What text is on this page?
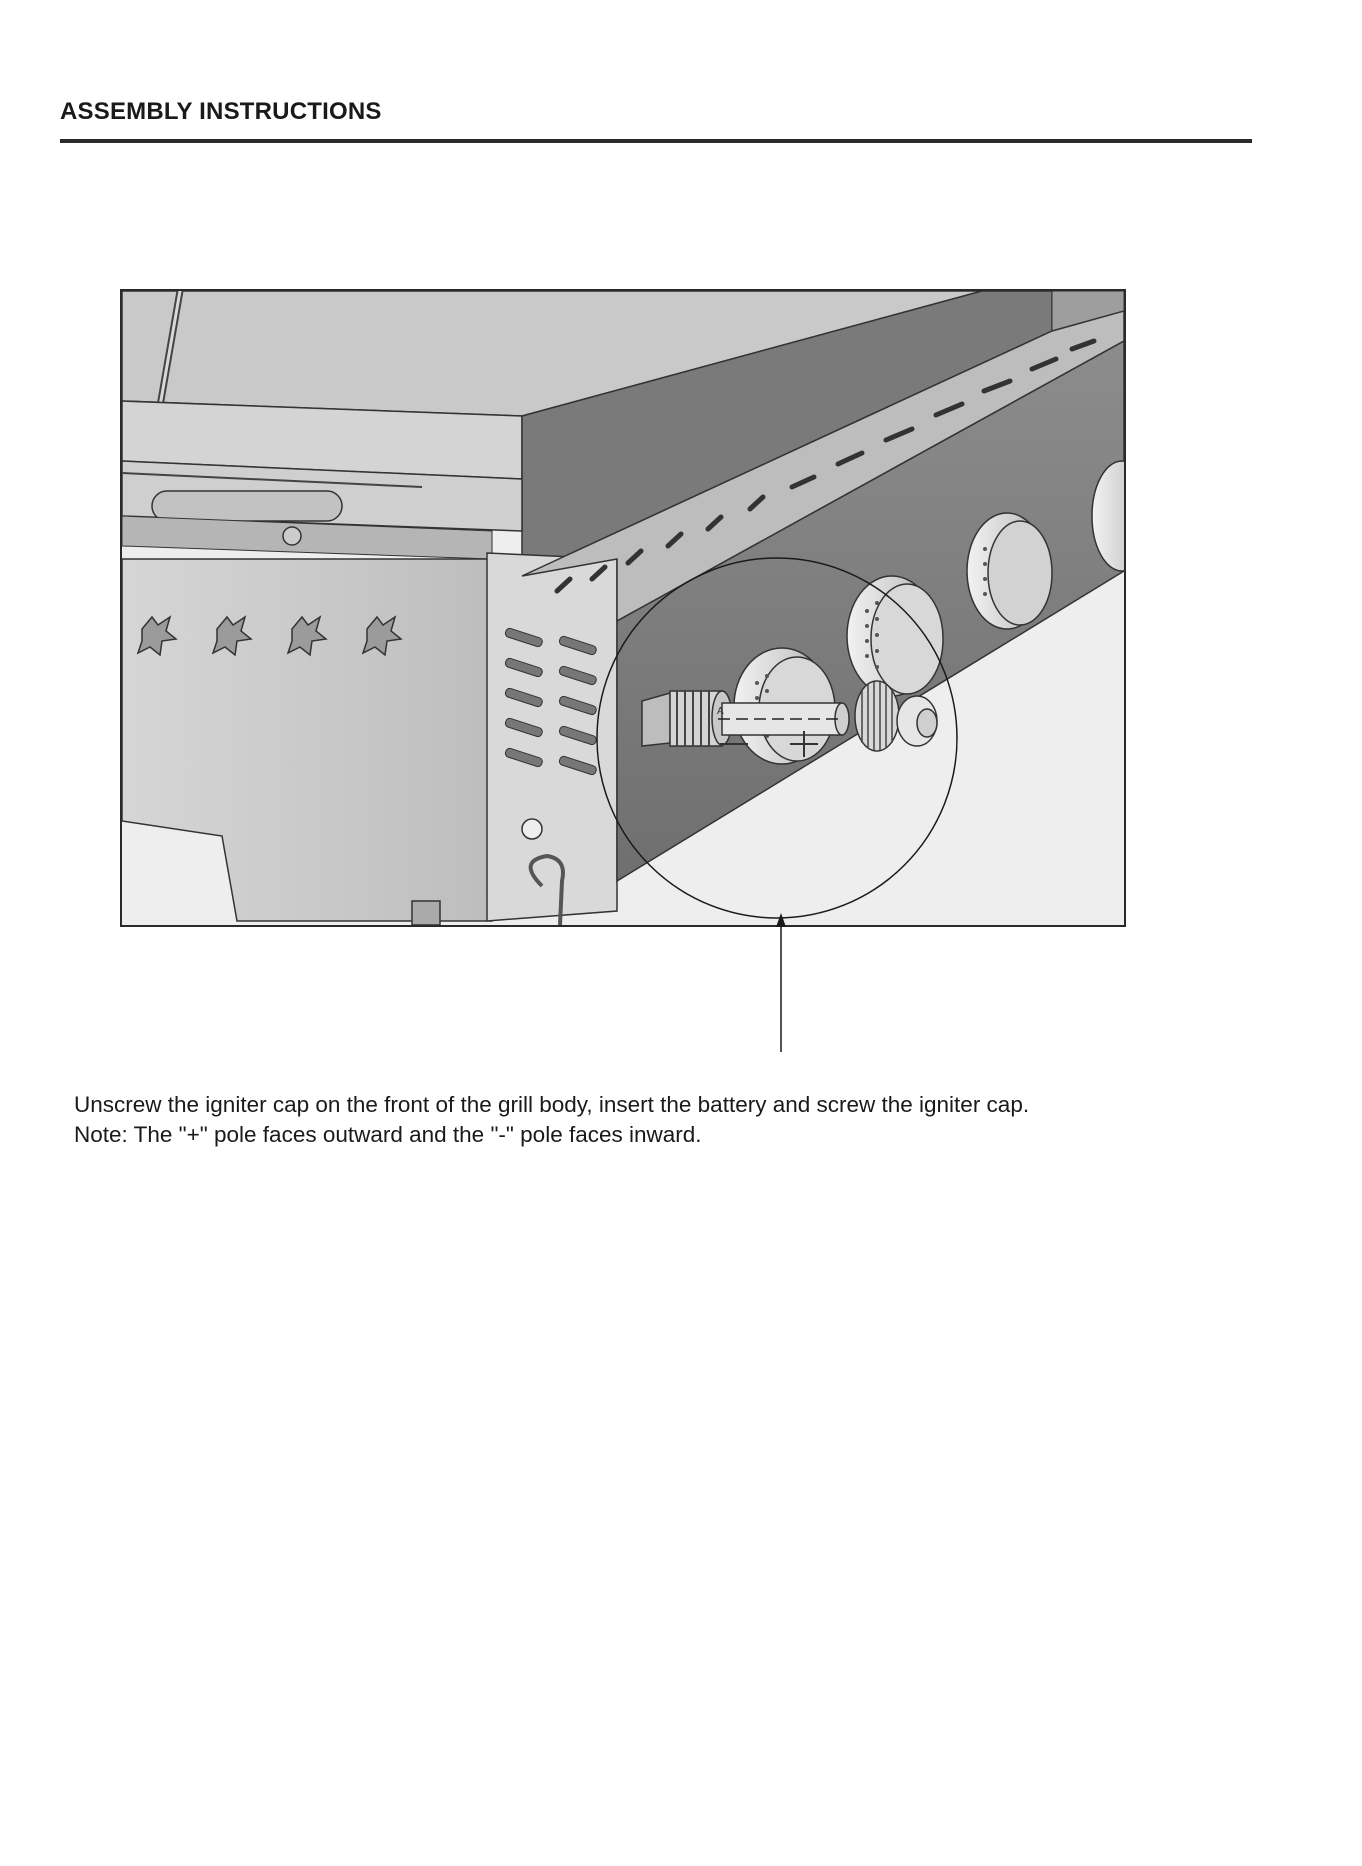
ASSEMBLY INSTRUCTIONS
A

Unscrew the igniter cap on the front of the grill body, insert the battery and screw the igniter cap.

Note: The "+" pole faces outward and the "-" pole faces inward.
